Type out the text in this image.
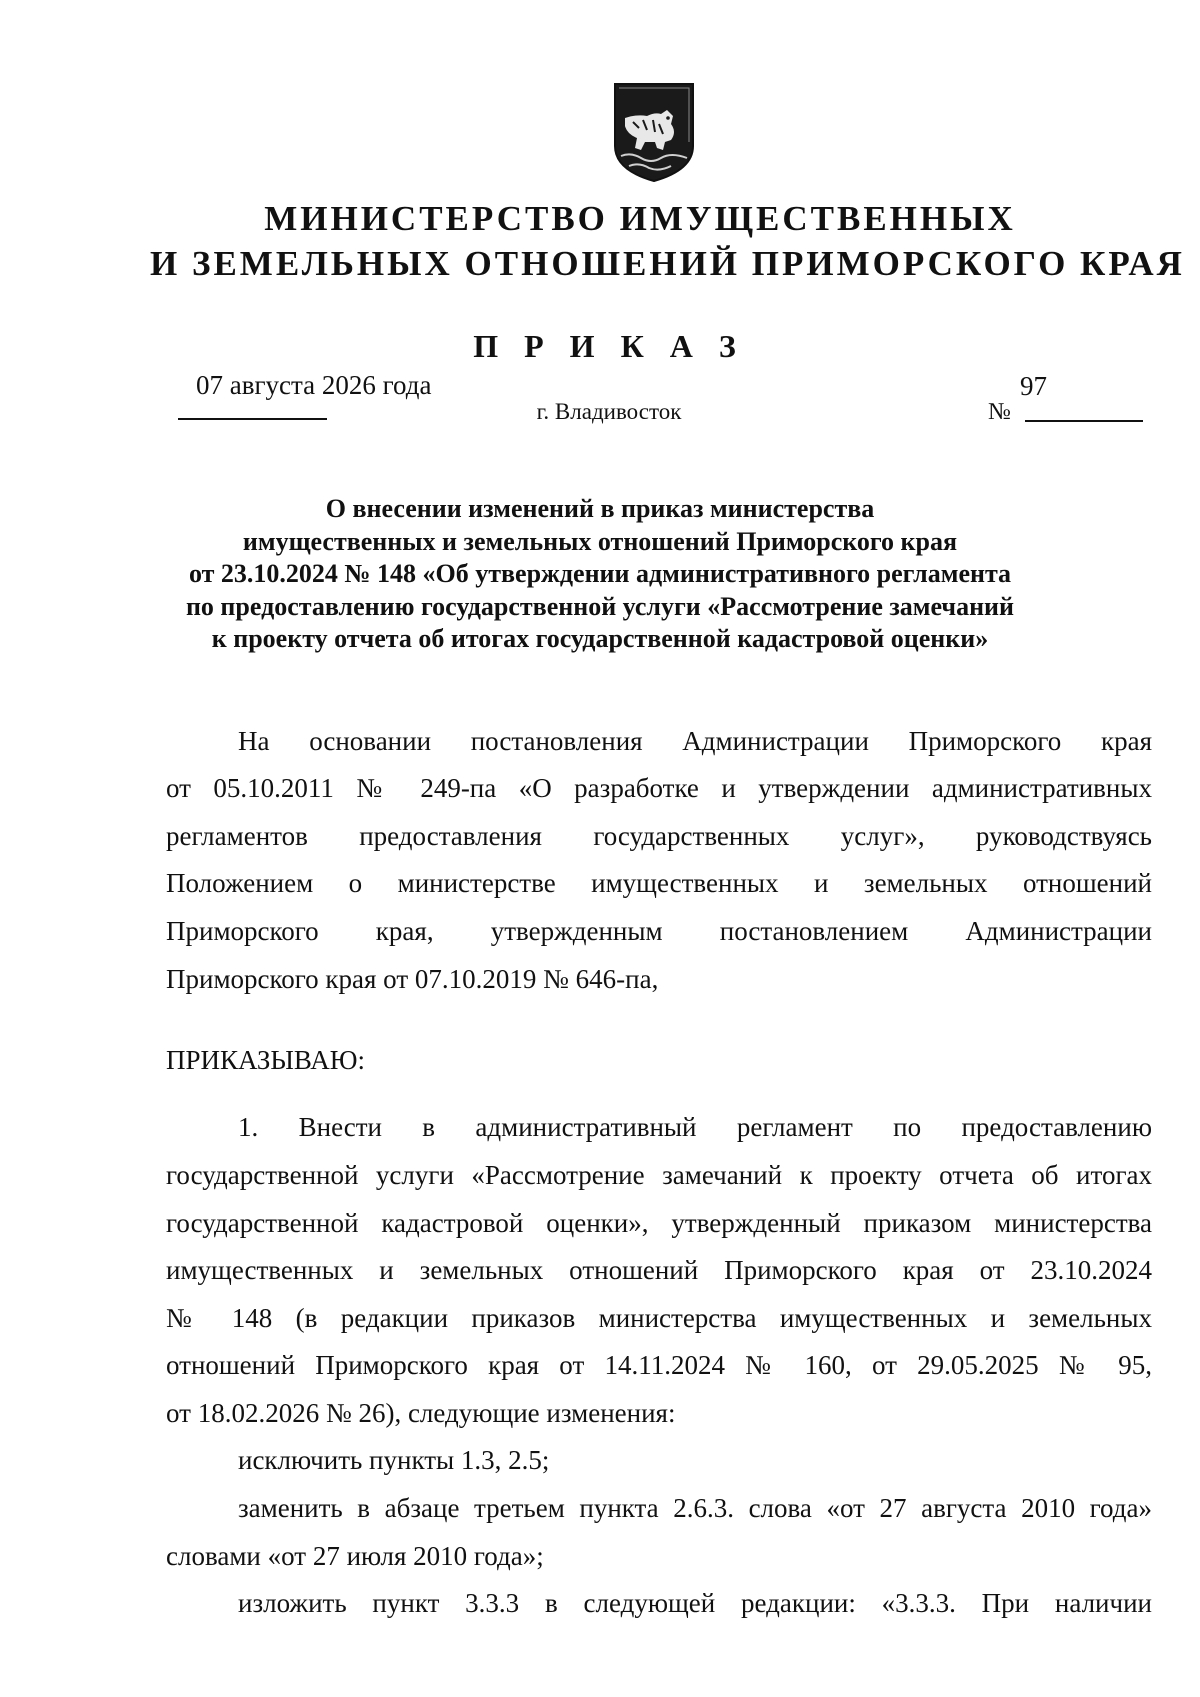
МИНИСТЕРСТВО ИМУЩЕСТВЕННЫХ
И ЗЕМЕЛЬНЫХ ОТНОШЕНИЙ ПРИМОРСКОГО КРАЯ
П Р И К А З
07 августа 2026 года
г. Владивосток
97
№
О внесении изменений в приказ министерства
имущественных и земельных отношений Приморского края
от 23.10.2024 № 148 «Об утверждении административного регламента
по предоставлению государственной услуги «Рассмотрение замечаний
к проекту отчета об итогах государственной кадастровой оценки»
На основании постановления Администрации Приморского края
от 05.10.2011 № 249-па «О разработке и утверждении административных
регламентов предоставления государственных услуг», руководствуясь
Положением о министерстве имущественных и земельных отношений
Приморского края, утвержденным постановлением Администрации
Приморского края от 07.10.2019 № 646-па,
ПРИКАЗЫВАЮ:
1. Внести в административный регламент по предоставлению
государственной услуги «Рассмотрение замечаний к проекту отчета об итогах
государственной кадастровой оценки», утвержденный приказом министерства
имущественных и земельных отношений Приморского края от 23.10.2024
№ 148 (в редакции приказов министерства имущественных и земельных
отношений Приморского края от 14.11.2024 № 160, от 29.05.2025 № 95,
от 18.02.2026 № 26), следующие изменения:
исключить пункты 1.3, 2.5;
заменить в абзаце третьем пункта 2.6.3. слова «от 27 августа 2010 года»
словами «от 27 июля 2010 года»;
изложить пункт 3.3.3 в следующей редакции: «3.3.3. При наличии
